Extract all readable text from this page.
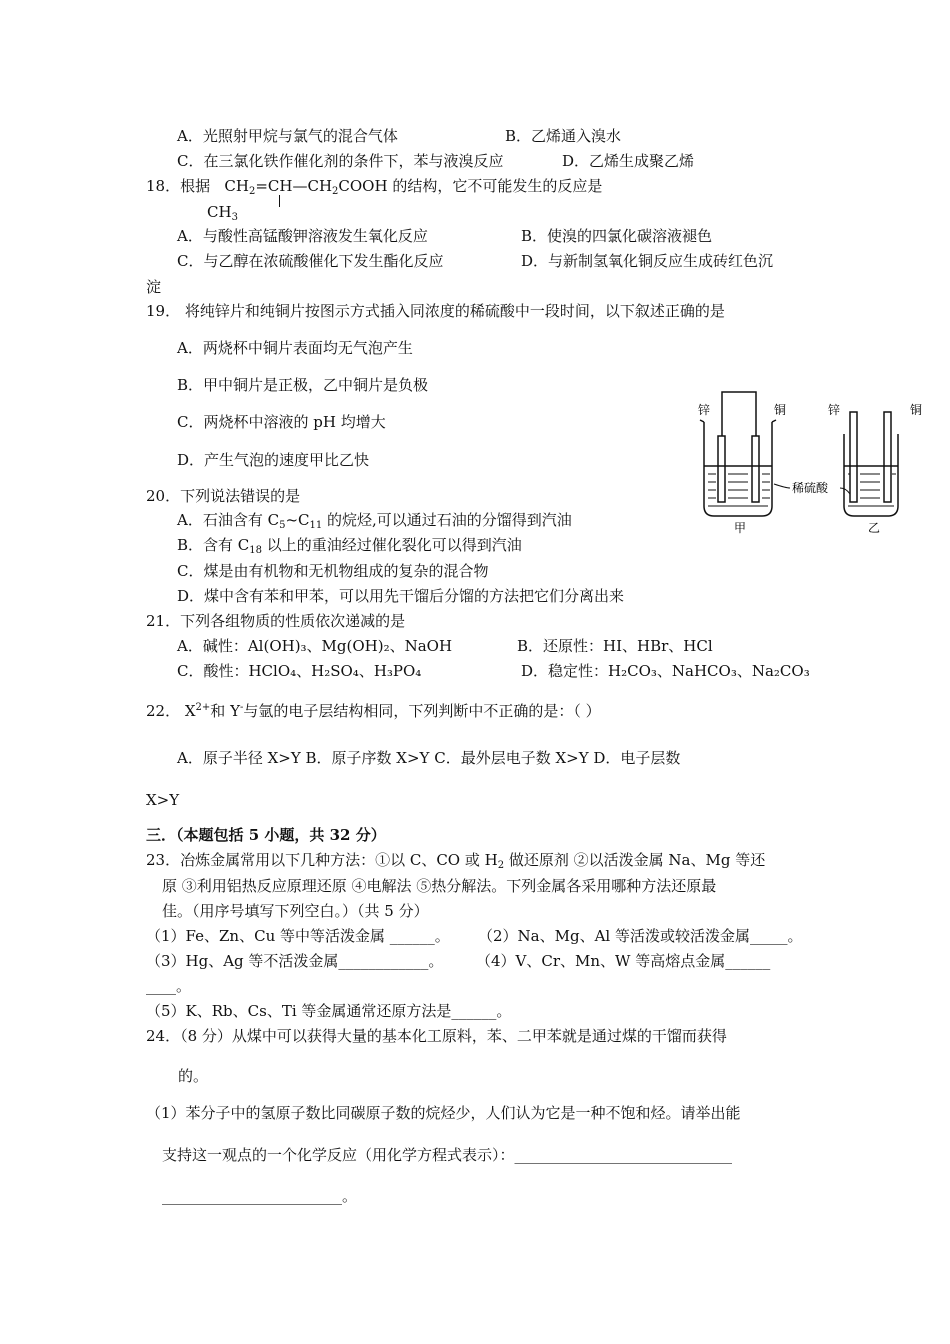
A．光照射甲烷与氯气的混合气体	B．乙烯通入溴水
C．在三氯化铁作催化剂的条件下，苯与液溴反应	D．乙烯生成聚乙烯
18．根据 $CH_2=CH—CH_2COOH$ 的结构，它不可能发生的反应是
$CH_3$
A．与酸性高锰酸钾溶液发生氧化反应	B．使溴的四氯化碳溶液褪色
C．与乙醇在浓硫酸催化下发生酯化反应	D．与新制氢氧化铜反应生成砖红色沉
淀
19． 将纯锌片和纯铜片按图示方式插入同浓度的稀硫酸中一段时间，以下叙述正确的是
A．两烧杯中铜片表面均无气泡产生
B．甲中铜片是正极，乙中铜片是负极
C．两烧杯中溶液的 pH 均增大
D．产生气泡的速度甲比乙快
锌	铜	锌	铜
稀硫酸
甲	乙
20．下列说法错误的是
A．石油含有 $C_5\sim C_{11}$ 的烷烃,可以通过石油的分馏得到汽油
B．含有 $C_{18}$ 以上的重油经过催化裂化可以得到汽油
C．煤是由有机物和无机物组成的复杂的混合物
D．煤中含有苯和甲苯，可以用先干馏后分馏的方法把它们分离出来
21．下列各组物质的性质依次递减的是
A．碱性：Al(OH)₃、Mg(OH)₂、NaOH	B．还原性：HI、HBr、HCl
C．酸性：HClO₄、H₂SO₄、H₃PO₄	D．稳定性：H₂CO₃、NaHCO₃、Na₂CO₃
22． $X^{2+}$和 Y-与氩的电子层结构相同，下列判断中不正确的是：（ ）
A．原子半径 X>Y B．原子序数 X>Y C．最外层电子数 X>Y D．电子层数
X>Y
三．（本题包括 5 小题，共 32 分）
23．冶炼金属常用以下几种方法：①以 C、CO 或 $H_2$ 做还原剂 ②以活泼金属 Na、Mg 等还
原 ③利用铝热反应原理还原 ④电解法 ⑤热分解法。下列金属各采用哪种方法还原最
佳。（用序号填写下列空白。）（共 5 分）
（1）Fe、Zn、Cu 等中等活泼金属 ______。 （2）Na、Mg、Al 等活泼或较活泼金属_____。
（3）Hg、Ag 等不活泼金属____________。 （4）V、Cr、Mn、W 等高熔点金属______
____。
（5）K、Rb、Cs、Ti 等金属通常还原方法是______。
24．（8 分）从煤中可以获得大量的基本化工原料，苯、二甲苯就是通过煤的干馏而获得
的。
（1）苯分子中的氢原子数比同碳原子数的烷烃少，人们认为它是一种不饱和烃。请举出能
支持这一观点的一个化学反应（用化学方程式表示）：_____________________________
________________________。
